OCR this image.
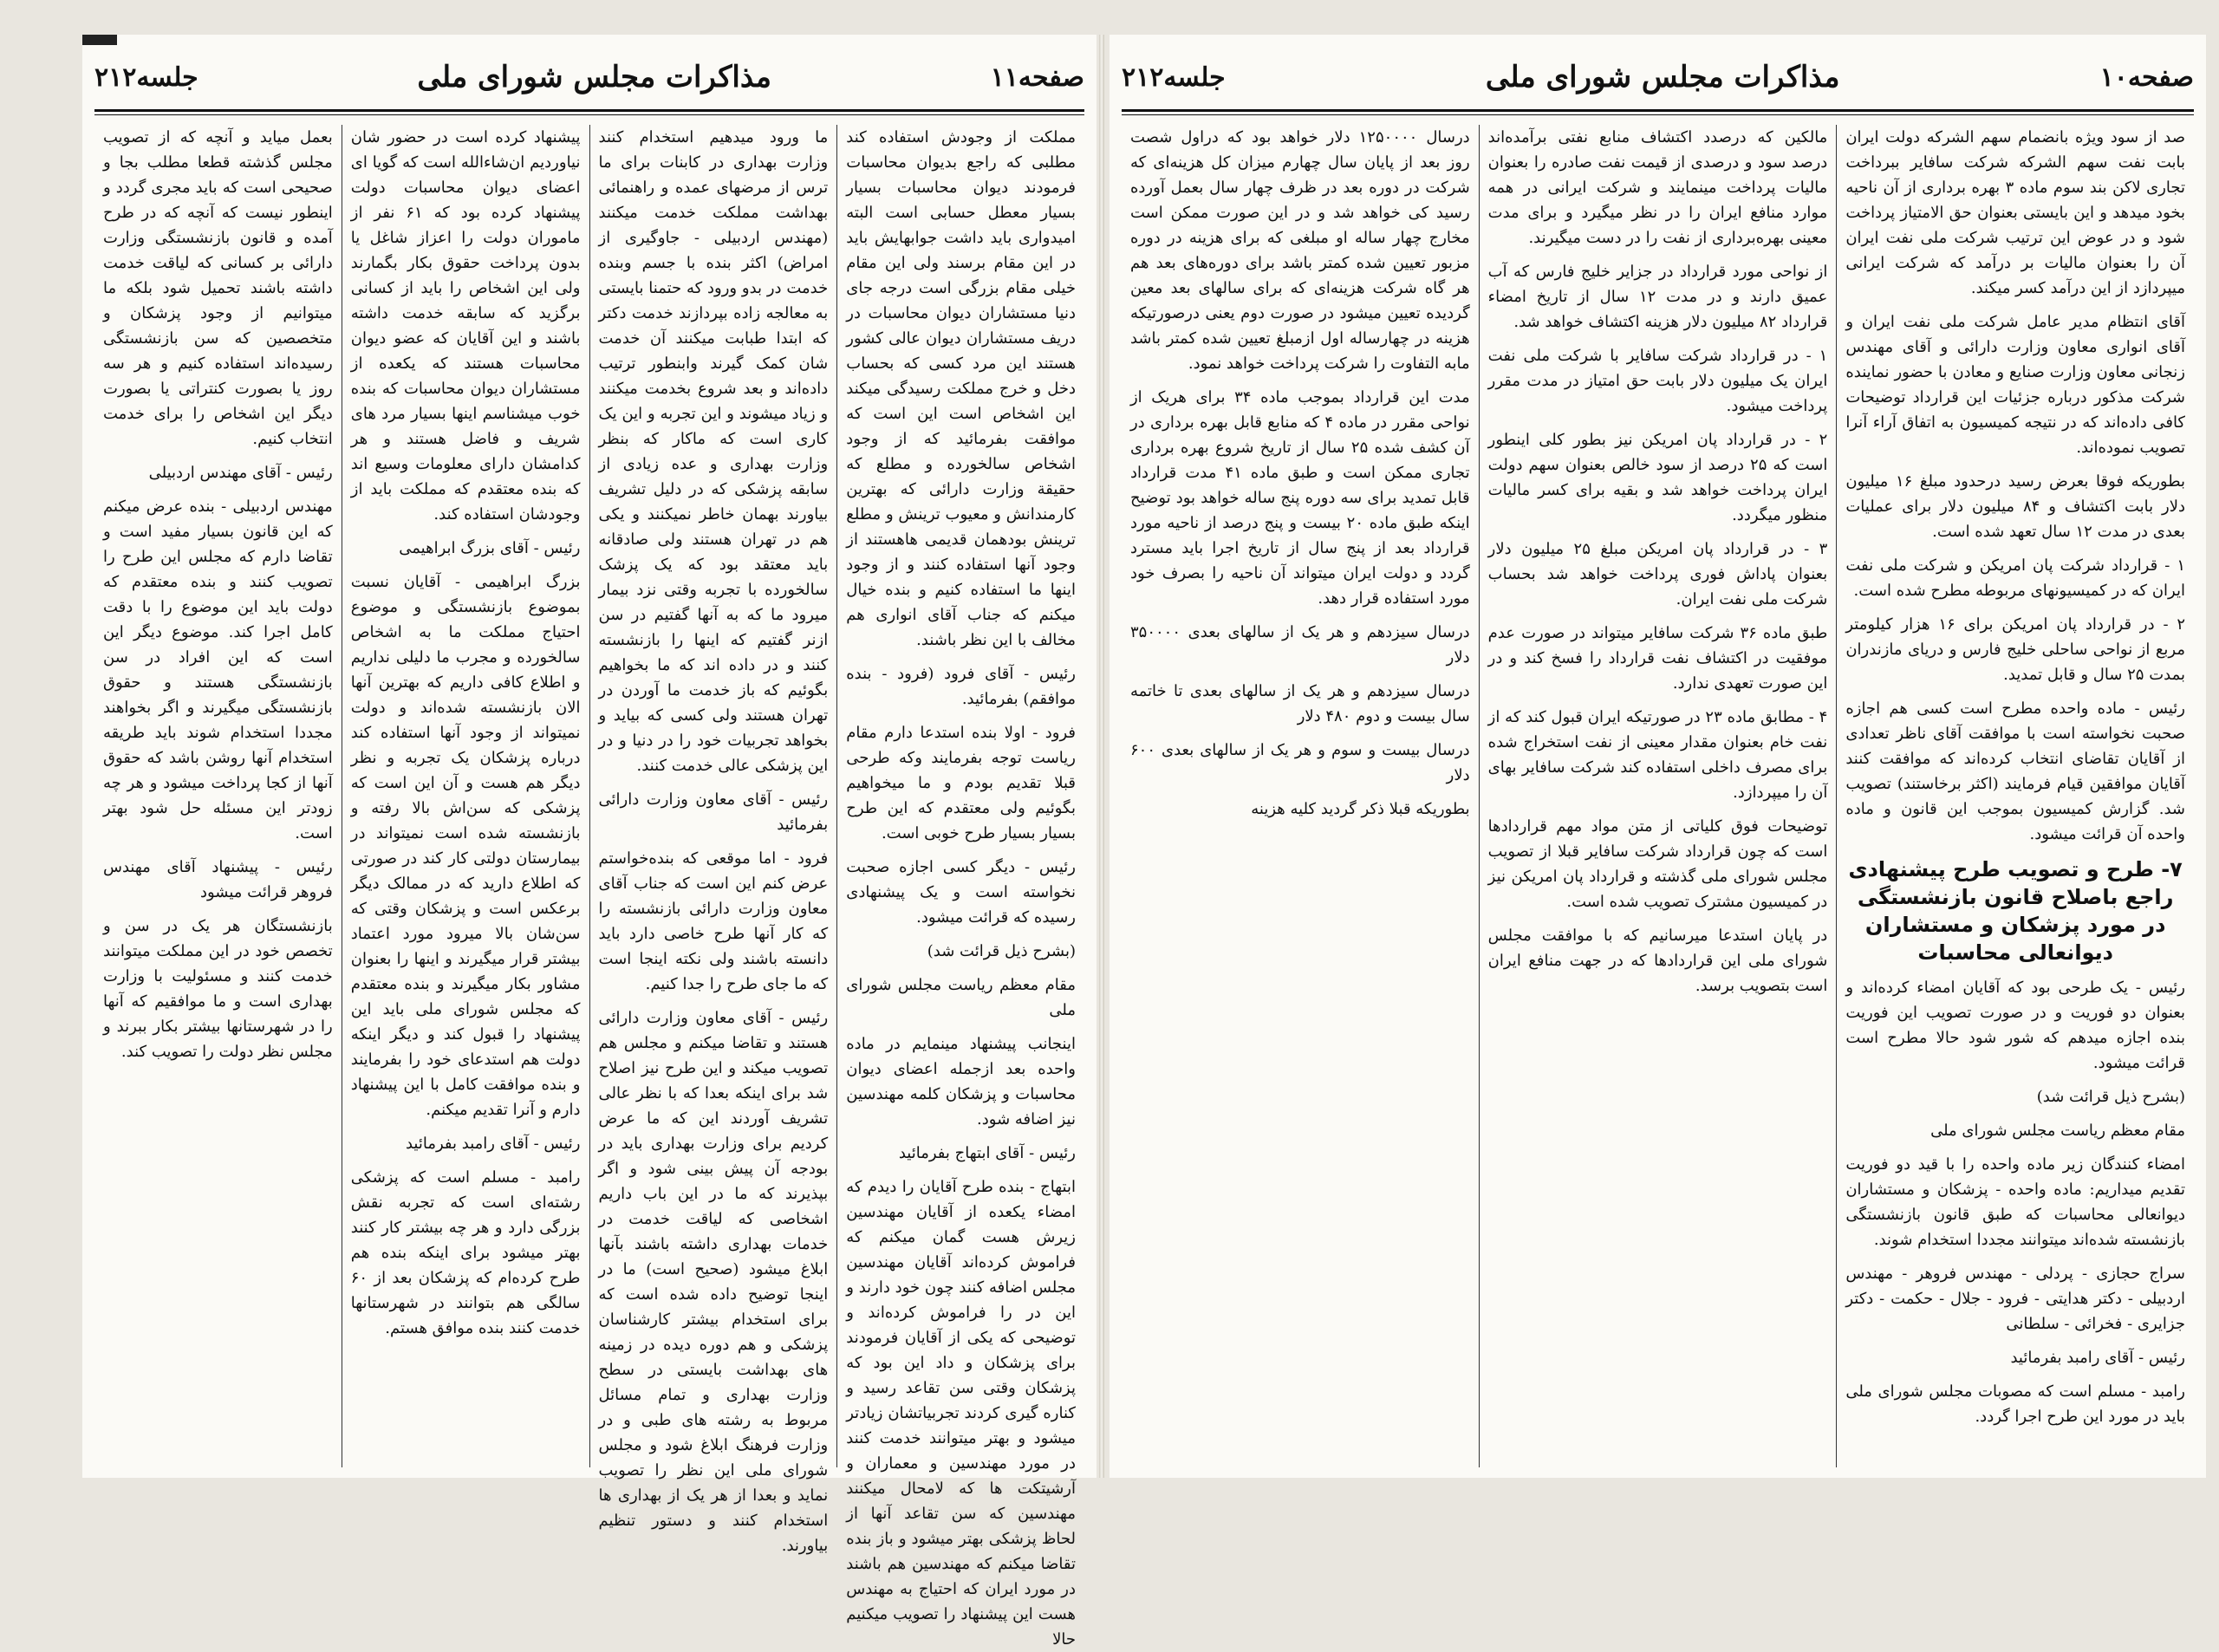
صفحه۱۱
مذاکرات مجلس شورای ملی
جلسه۲۱۲

مملکت از وجودش استفاده کند مطلبی که راجع بدیوان محاسبات فرمودند دیوان محاسبات بسیار بسیار معطل حسابی است البته امیدواری باید داشت جوابهایش باید در این مقام برسند ولی این مقام خیلی مقام بزرگی است درجه جای دنیا مستشاران دیوان محاسبات در دریف مستشاران دیوان عالی کشور هستند این مرد کسی که بحساب دخل و خرج مملکت رسیدگی میکند این اشخاص است این است که موافقت بفرمائید که از وجود اشخاص سالخورده و مطلع که حقیقة وزارت دارائی که بهترین کارمندانش و معیوب ترینش و مطلع ترینش بودهمان قدیمی هاهستند از وجود آنها استفاده کنند و از وجود اینها ما استفاده کنیم و بنده خیال میکنم که جناب آقای انواری هم مخالف با این نظر باشند.

رئیس - آقای فرود (فرود - بنده موافقم) بفرمائید.

فرود - اولا بنده استدعا دارم مقام ریاست توجه بفرمایند وکه طرحی قبلا تقدیم بودم و ما میخواهیم بگوئیم ولی معتقدم که این طرح بسیار بسیار طرح خوبی است.

رئیس - دیگر کسی اجازه صحبت نخواسته است و یک پیشنهادی رسیده که قرائت میشود.

(بشرح ذیل قرائت شد)

مقام معظم ریاست مجلس شورای ملی

اینجانب پیشنهاد مینمایم در ماده واحده بعد ازجمله اعضای دیوان محاسبات و پزشکان کلمه مهندسین نیز اضافه شود.

رئیس - آقای ابتهاج بفرمائید

ابتهاج - بنده طرح آقایان را دیدم که امضاء یکعده از آقایان مهندسین زیرش هست گمان میکنم که فراموش کرده‌اند آقایان مهندسین مجلس اضافه کنند چون خود دارند و این در را فراموش کرده‌اند و توضیحی که یکی از آقایان فرمودند برای پزشکان و داد این بود که پزشکان وقتی سن تقاعد رسید و کناره گیری کردند تجربیاتشان زیادتر میشود و بهتر میتوانند خدمت کنند در مورد مهندسین و معماران و آرشیتکت ها که لامحال میکنند مهندسین که سن تقاعد آنها از لحاظ پزشکی بهتر میشود و باز بنده تقاضا میکنم که مهندسین هم باشند در مورد ایران که احتیاج به مهندس هست این پیشنهاد را تصویب میکنیم حالا

ما ورود میدهیم استخدام کنند وزارت بهداری در کابنات برای ما ترس از مرضهای عمده و راهنمائی بهداشت مملکت خدمت میکنند (مهندس اردبیلی - جاوگیری از امراض) اکثر بنده با جسم وبنده خدمت در بدو ورود که حتمنا بایستی به معالجه زاده بپردازند خدمت دکتر که ابتدا طبابت میکنند آن خدمت شان کمک گیرند وابنطور ترتیب داده‌اند و بعد شروع بخدمت میکنند و زیاد میشوند و این تجربه و این یک کاری است که ماکار که بنظر وزارت بهداری و عده زیادی از سابقه پزشکی که در دلیل تشریف بیاورند بهمان خاطر نمیکنند و یکی هم در تهران هستند ولی صادقانه باید معتقد بود که یک پزشک سالخورده با تجربه وقتی نزد بیمار میرود ما که به آنها گفتیم در سن ازنر گفتیم که اینها را بازنشسته کنند و در داده اند که ما بخواهیم بگوئیم که باز خدمت ما آوردن در تهران هستند ولی کسی که بیاید و بخواهد تجربیات خود را در دنیا و در این پزشکی عالی خدمت کنند.

رئیس - آقای معاون وزارت دارائی بفرمائید

فرود - اما موقعی که بنده‌خواستم عرض کنم این است که جناب آقای معاون وزارت دارائی بازنشسته را که کار آنها طرح خاصی دارد باید دانسته باشند ولی نکته اینجا است که ما جای طرح را جدا کنیم.

رئیس - آقای معاون وزارت دارائی هستند و تقاضا میکنم و مجلس هم تصویب میکند و این طرح نیز اصلاح شد برای اینکه بعدا که با نظر عالی تشریف آوردند این که ما عرض کردیم برای وزارت بهداری باید در بودجه آن پیش بینی شود و اگر بپذیرند که ما در این باب داریم اشخاصی که لیاقت خدمت در خدمات بهداری داشته باشند بآنها ابلاغ میشود (صحیح است) ما در اینجا توضیح داده شده است که برای استخدام بیشتر کارشناسان پزشکی و هم دوره دیده در زمینه های بهداشت بایستی در سطح وزارت بهداری و تمام مسائل مربوط به رشته های طبی و در وزارت فرهنگ ابلاغ شود و مجلس شورای ملی این نظر را تصویب نماید و بعدا از هر یک از بهداری ها استخدام کنند و دستور تنظیم بیاورند.

پیشنهاد کرده است در حضور شان نیاوردیم ان‌شاءالله است که گویا ای اعضای دیوان محاسبات دولت پیشنهاد کرده بود که ۶۱ نفر از ماموران دولت را اعزاز شاغل یا بدون پرداخت حقوق بکار بگمارند ولی این اشخاص را باید از کسانی برگزید که سابقه خدمت داشته باشند و این آقایان که عضو دیوان محاسبات هستند که یکعده از مستشاران دیوان محاسبات که بنده خوب میشناسم اینها بسیار مرد های شریف و فاضل هستند و هر کدامشان دارای معلومات وسیع اند که بنده معتقدم که مملکت باید از وجودشان استفاده کند.

رئیس - آقای بزرگ ابراهیمی

بزرگ ابراهیمی - آقایان نسبت بموضوع بازنشستگی و موضوع احتیاج مملکت ما به اشخاص سالخورده و مجرب ما دلیلی نداریم و اطلاع کافی داریم که بهترین آنها الان بازنشسته شده‌اند و دولت نمیتواند از وجود آنها استفاده کند درباره پزشکان یک تجربه و نظر دیگر هم هست و آن این است که پزشکی که سن‌اش بالا رفته و بازنشسته شده است نمیتواند در بیمارستان دولتی کار کند در صورتی که اطلاع دارید که در ممالک دیگر برعکس است و پزشکان وقتی که سن‌شان بالا میرود مورد اعتماد بیشتر قرار میگیرند و اینها را بعنوان مشاور بکار میگیرند و بنده معتقدم که مجلس شورای ملی باید این پیشنهاد را قبول کند و دیگر اینکه دولت هم استدعای خود را بفرمایند و بنده موافقت کامل با این پیشنهاد دارم و آنرا تقدیم میکنم.

رئیس - آقای رامبد بفرمائید

رامبد - مسلم است که پزشکی رشته‌ای است که تجربه نقش بزرگی دارد و هر چه بیشتر کار کنند بهتر میشود برای اینکه بنده هم طرح کرده‌ام که پزشکان بعد از ۶۰ سالگی هم بتوانند در شهرستانها خدمت کنند بنده موافق هستم.

بعمل میاید و آنچه که از تصویب مجلس گذشته قطعا مطلب بجا و صحیحی است که باید مجری گردد و اینطور نیست که آنچه که در طرح آمده و قانون بازنشستگی وزارت دارائی بر کسانی که لیاقت خدمت داشته باشند تحمیل شود بلکه ما میتوانیم از وجود پزشکان و متخصصین که سن بازنشستگی رسیده‌اند استفاده کنیم و هر سه روز یا بصورت کنتراتی یا بصورت دیگر این اشخاص را برای خدمت انتخاب کنیم.

رئیس - آقای مهندس اردبیلی

مهندس اردبیلی - بنده عرض میکنم که این قانون بسیار مفید است و تقاضا دارم که مجلس این طرح را تصویب کنند و بنده معتقدم که دولت باید این موضوع را با دقت کامل اجرا کند. موضوع دیگر این است که این افراد در سن بازنشستگی هستند و حقوق بازنشستگی میگیرند و اگر بخواهند مجددا استخدام شوند باید طریقه استخدام آنها روشن باشد که حقوق آنها از کجا پرداخت میشود و هر چه زودتر این مسئله حل شود بهتر است.

رئیس - پیشنهاد آقای مهندس فروهر قرائت میشود

بازنشستگان هر یک در سن و تخصص خود در این مملکت میتوانند خدمت کنند و مسئولیت با وزارت بهداری است و ما موافقیم که آنها را در شهرستانها بیشتر بکار ببرند و مجلس نظر دولت را تصویب کند.

صفحه۱۰
مذاکرات مجلس شورای ملی
جلسه۲۱۲

صد از سود ویژه بانضمام سهم الشرکه دولت ایران بابت نفت سهم الشرکه شرکت سافایر ببرداخت تجاری لاکن بند سوم ماده ۳ بهره برداری از آن ناحیه بخود میدهد و این بایستی بعنوان حق الامتیاز پرداخت شود و در عوض این ترتیب شرکت ملی نفت ایران آن را بعنوان مالیات بر درآمد که شرکت ایرانی میپردازد از این درآمد کسر میکند.

آقای انتظام مدیر عامل شرکت ملی نفت ایران و آقای انواری معاون وزارت دارائی و آقای مهندس زنجانی معاون وزارت صنایع و معادن با حضور نماینده شرکت مذکور درباره جزئیات این قرارداد توضیحات کافی داده‌اند که در نتیجه کمیسیون به اتفاق آراء آنرا تصویب نموده‌اند.

بطوریکه فوقا بعرض رسید درحدود مبلغ ۱۶ میلیون دلار بابت اکتشاف و ۸۴ میلیون دلار برای عملیات بعدی در مدت ۱۲ سال تعهد شده است.

۱ - قرارداد شرکت پان امریکن و شرکت ملی نفت ایران که در کمیسیونهای مربوطه مطرح شده است.

۲ - در قرارداد پان امریکن برای ۱۶ هزار کیلومتر مربع از نواحی ساحلی خلیج فارس و دریای مازندران بمدت ۲۵ سال و قابل تمدید.

رئیس - ماده واحده مطرح است کسی هم اجازه صحبت نخواسته است با موافقت آقای ناظر تعدادی از آقایان تقاضای انتخاب کرده‌اند که موافقت کنند آقایان موافقین قیام فرمایند (اکثر برخاستند) تصویب شد. گزارش کمیسیون بموجب این قانون و ماده واحده آن قرائت میشود.

۷- طرح و تصویب طرح پیشنهادی راجع باصلاح قانون بازنشستگی در مورد پزشکان و مستشاران دیوانعالی محاسبات

رئیس - یک طرحی بود که آقایان امضاء کرده‌اند و بعنوان دو فوریت و در صورت تصویب این فوریت بنده اجازه میدهم که شور شود حالا مطرح است قرائت میشود.

(بشرح ذیل قرائت شد)

مقام معظم ریاست مجلس شورای ملی

امضاء کنندگان زیر ماده واحده را با قید دو فوریت تقدیم میداریم: ماده واحده - پزشکان و مستشاران دیوانعالی محاسبات که طبق قانون بازنشستگی بازنشسته شده‌اند میتوانند مجددا استخدام شوند.

سراج حجازی - پردلی - مهندس فروهر - مهندس اردبیلی - دکتر هدایتی - فرود - جلال - حکمت - دکتر جزایری - فخرائی - سلطانی

رئیس - آقای رامبد بفرمائید

رامبد - مسلم است که مصوبات مجلس شورای ملی باید در مورد این طرح اجرا گردد.

مالکین که درصدد اکتشاف منابع نفتی برآمده‌اند درصد سود و درصدی از قیمت نفت صادره را بعنوان مالیات پرداخت مینمایند و شرکت ایرانی در همه موارد منافع ایران را در نظر میگیرد و برای مدت معینی بهره‌برداری از نفت را در دست میگیرند.

از نواحی مورد قرارداد در جزایر خلیج فارس که آب عمیق دارند و در مدت ۱۲ سال از تاریخ امضاء قرارداد ۸۲ میلیون دلار هزینه اکتشاف خواهد شد.

۱ - در قرارداد شرکت سافایر با شرکت ملی نفت ایران یک میلیون دلار بابت حق امتیاز در مدت مقرر پرداخت میشود.

۲ - در قرارداد پان امریکن نیز بطور کلی اینطور است که ۲۵ درصد از سود خالص بعنوان سهم دولت ایران پرداخت خواهد شد و بقیه برای کسر مالیات منظور میگردد.

۳ - در قرارداد پان امریکن مبلغ ۲۵ میلیون دلار بعنوان پاداش فوری پرداخت خواهد شد بحساب شرکت ملی نفت ایران.

طبق ماده ۳۶ شرکت سافایر میتواند در صورت عدم موفقیت در اکتشاف نفت قرارداد را فسخ کند و در این صورت تعهدی ندارد.

۴ - مطابق ماده ۲۳ در صورتیکه ایران قبول کند که از نفت خام بعنوان مقدار معینی از نفت استخراج شده برای مصرف داخلی استفاده کند شرکت سافایر بهای آن را میپردازد.

توضیحات فوق کلیاتی از متن مواد مهم قراردادها است که چون قرارداد شرکت سافایر قبلا از تصویب مجلس شورای ملی گذشته و قرارداد پان امریکن نیز در کمیسیون مشترک تصویب شده است.

در پایان استدعا میرسانیم که با موافقت مجلس شورای ملی این قراردادها که در جهت منافع ایران است بتصویب برسد.

درسال ۱۲۵۰۰۰۰ دلار خواهد بود که دراول شصت روز بعد از پایان سال چهارم میزان کل هزینه‌ای که شرکت در دوره بعد در ظرف چهار سال بعمل آورده رسید کی خواهد شد و در این صورت ممکن است مخارج چهار ساله او مبلغی که برای هزینه در دوره مزبور تعیین شده کمتر باشد برای دوره‌های بعد هم هر گاه شرکت هزینه‌ای که برای سالهای بعد معین گردیده تعیین میشود در صورت دوم یعنی درصورتیکه هزینه در چهارساله اول ازمبلغ تعیین شده کمتر باشد مابه التفاوت را شرکت پرداخت خواهد نمود.

مدت این قرارداد بموجب ماده ۳۴ برای هریک از نواحی مقرر در ماده ۴ که منابع قابل بهره برداری در آن کشف شده ۲۵ سال از تاریخ شروع بهره برداری تجاری ممکن است و طبق ماده ۴۱ مدت قرارداد قابل تمدید برای سه دوره پنج ساله خواهد بود توضیح اینکه طبق ماده ۲۰ بیست و پنج درصد از ناحیه مورد قرارداد بعد از پنج سال از تاریخ اجرا باید مسترد گردد و دولت ایران میتواند آن ناحیه را بصرف خود مورد استفاده قرار دهد.

درسال سیزدهم و هر یک از سالهای بعدی ۳۵۰۰۰۰ دلار

درسال سیزدهم و هر یک از سالهای بعدی تا خاتمه سال بیست و دوم ۴۸۰ دلار

درسال بیست و سوم و هر یک از سالهای بعدی ۶۰۰ دلار

بطوریکه قبلا ذکر گردید کلیه هزینه
